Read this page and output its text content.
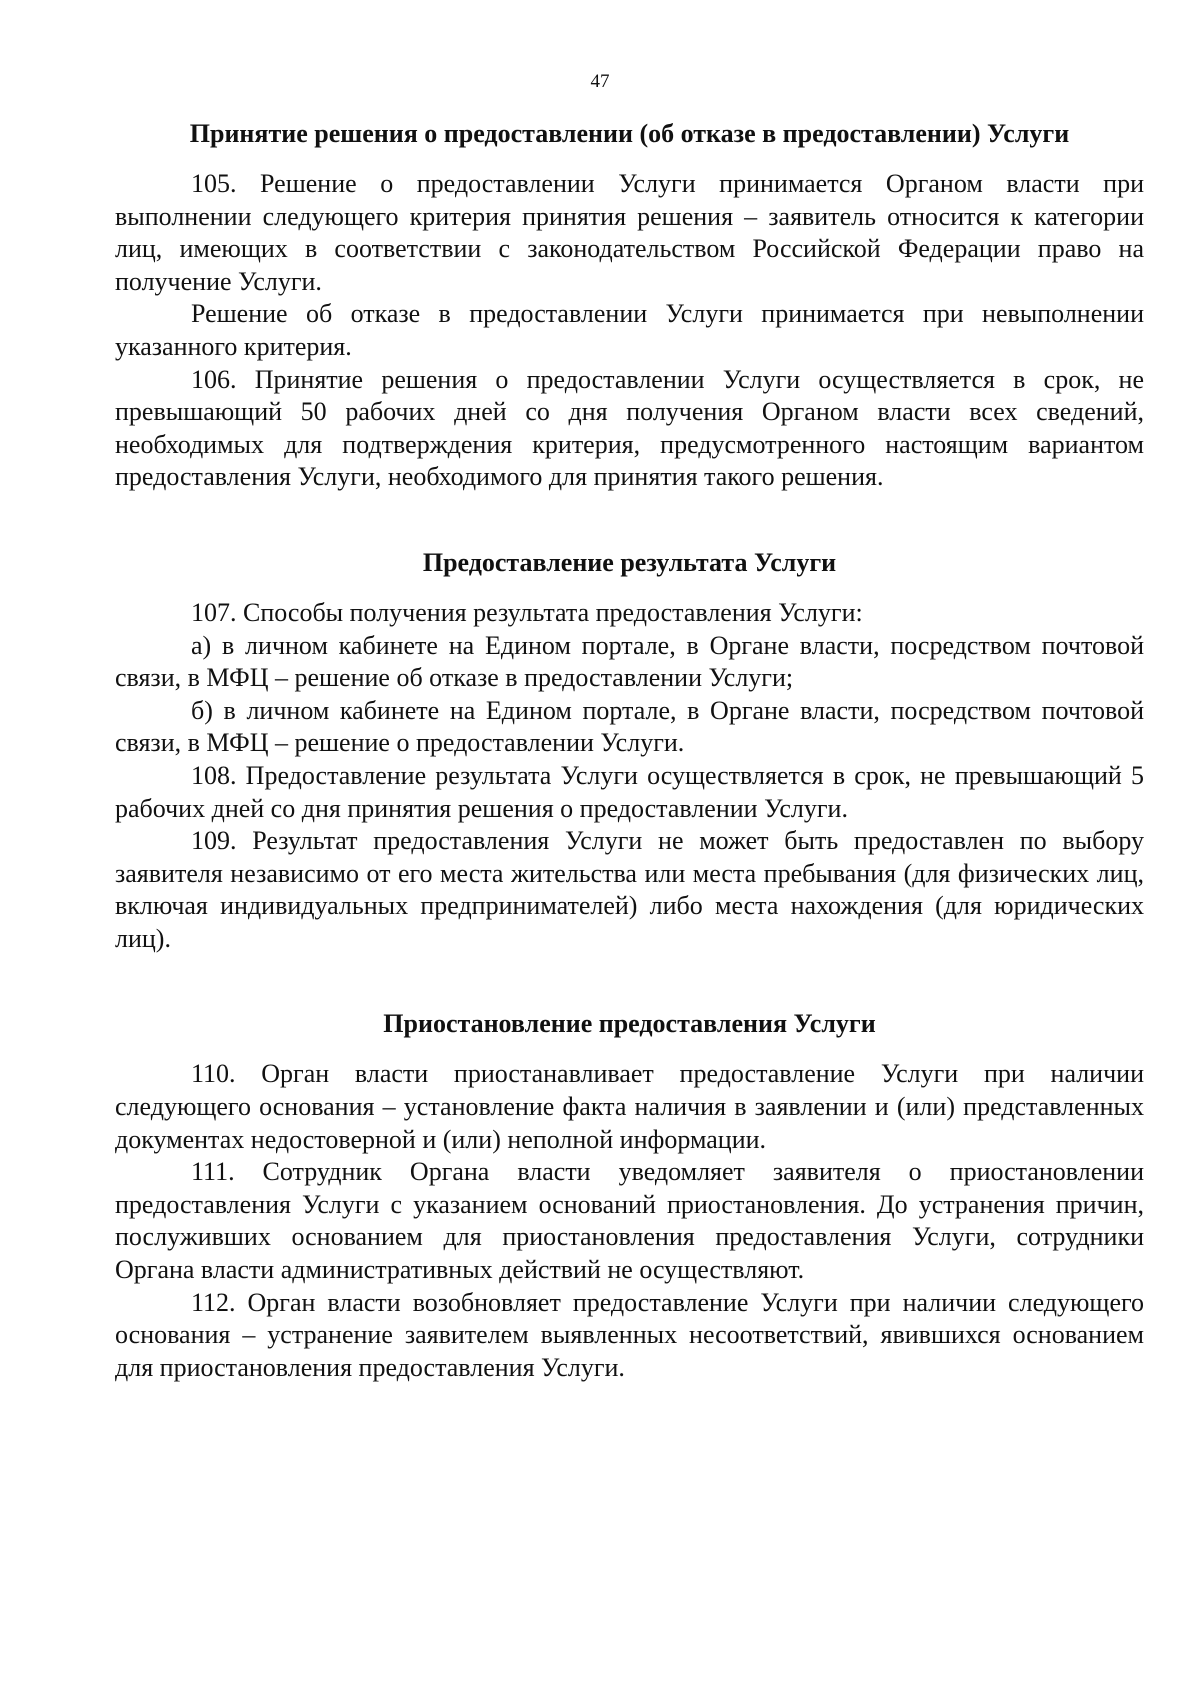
47
Принятие решения о предоставлении (об отказе в предоставлении) Услуги

105. Решение о предоставлении Услуги принимается Органом власти при выполнении следующего критерия принятия решения – заявитель относится к категории лиц, имеющих в соответствии с законодательством Российской Федерации право на получение Услуги.

Решение об отказе в предоставлении Услуги принимается при невыполнении указанного критерия.

106. Принятие решения о предоставлении Услуги осуществляется в срок, не превышающий 50 рабочих дней со дня получения Органом власти всех сведений, необходимых для подтверждения критерия, предусмотренного настоящим вариантом предоставления Услуги, необходимого для принятия такого решения.

Предоставление результата Услуги

107. Способы получения результата предоставления Услуги:

а) в личном кабинете на Едином портале, в Органе власти, посредством почтовой связи, в МФЦ – решение об отказе в предоставлении Услуги;

б) в личном кабинете на Едином портале, в Органе власти, посредством почтовой связи, в МФЦ – решение о предоставлении Услуги.

108. Предоставление результата Услуги осуществляется в срок, не превышающий 5 рабочих дней со дня принятия решения о предоставлении Услуги.

109. Результат предоставления Услуги не может быть предоставлен по выбору заявителя независимо от его места жительства или места пребывания (для физических лиц, включая индивидуальных предпринимателей) либо места нахождения (для юридических лиц).

Приостановление предоставления Услуги

110. Орган власти приостанавливает предоставление Услуги при наличии следующего основания – установление факта наличия в заявлении и (или) представленных документах недостоверной и (или) неполной информации.

111. Сотрудник Органа власти уведомляет заявителя о приостановлении предоставления Услуги с указанием оснований приостановления. До устранения причин, послуживших основанием для приостановления предоставления Услуги, сотрудники Органа власти административных действий не осуществляют.

112. Орган власти возобновляет предоставление Услуги при наличии следующего основания – устранение заявителем выявленных несоответствий, явившихся основанием для приостановления предоставления Услуги.
